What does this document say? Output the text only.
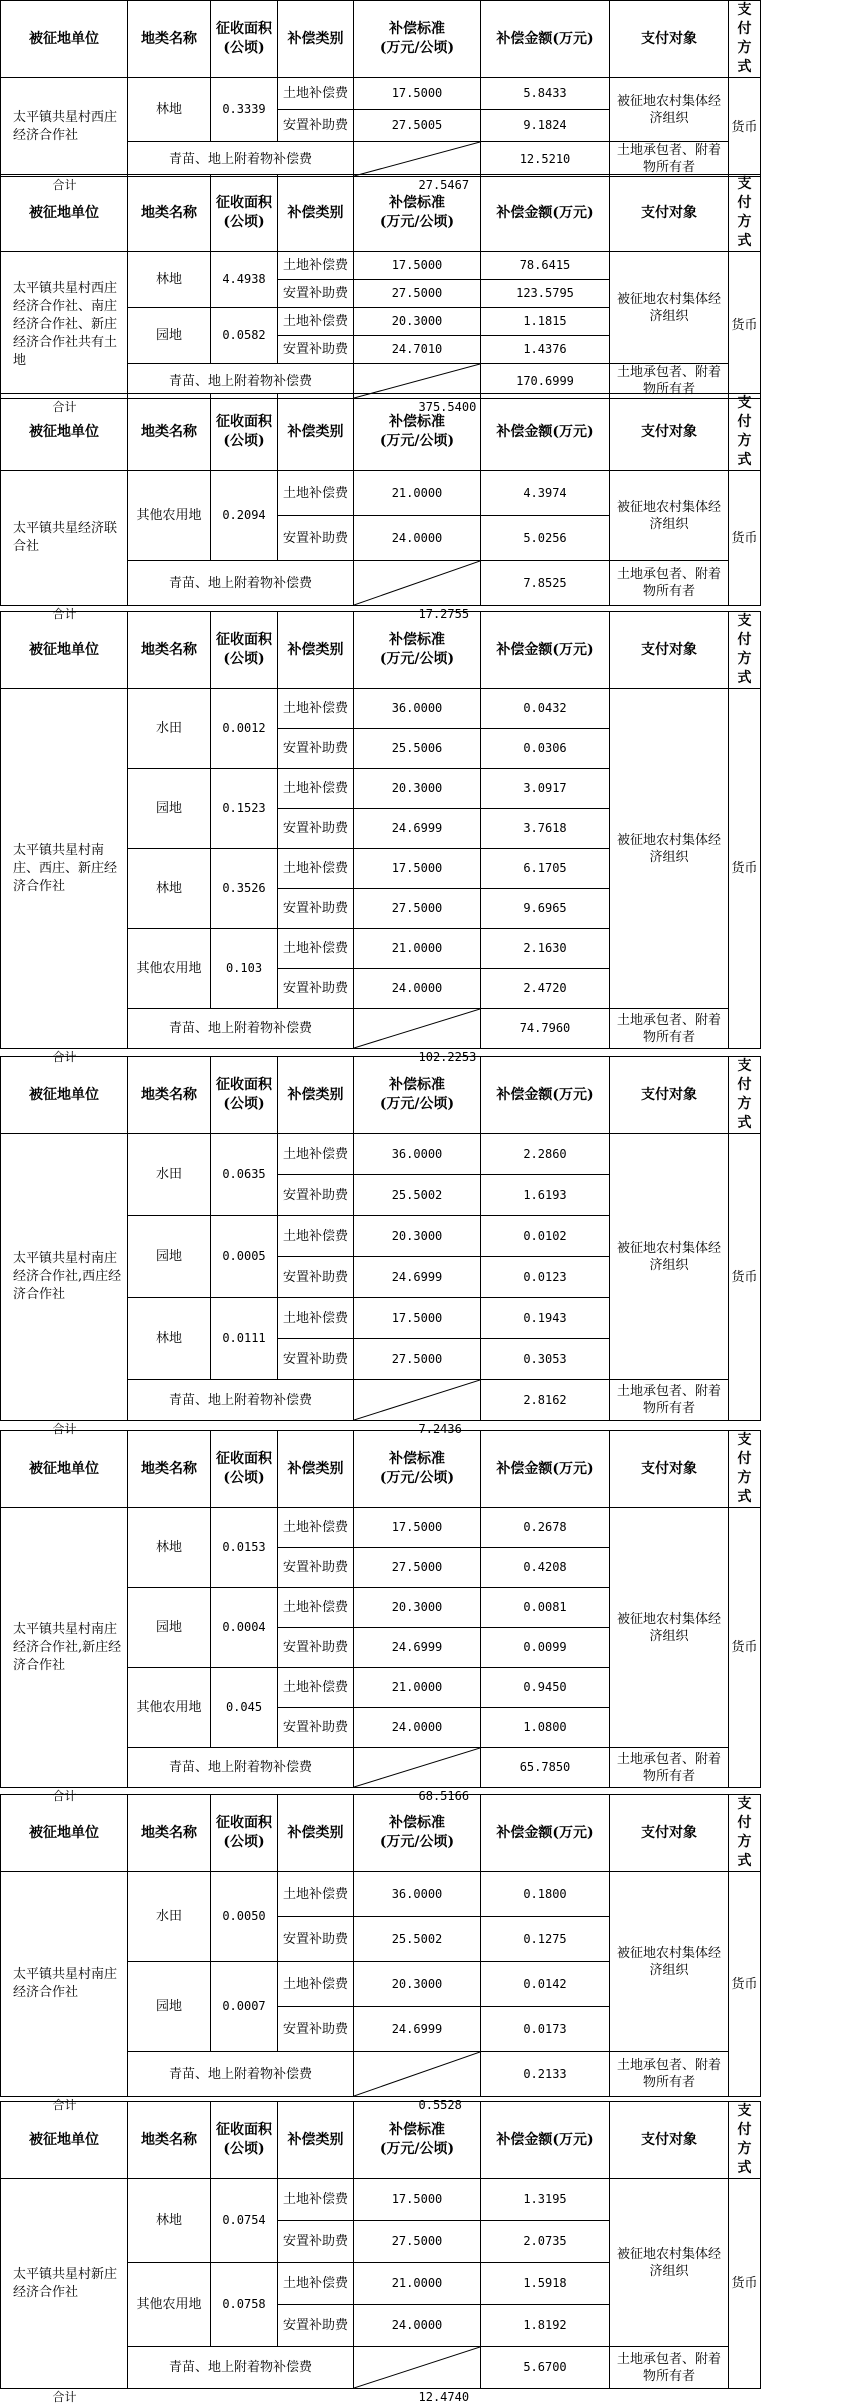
被征地单位	地类名称	征收面积
(公顷)	补偿类别	补偿标准
(万元/公顷)	补偿金额(万元)	支付对象	支付方式
太平镇共星村西庄经济合作社	林地	0.3339	土地补偿费	17.5000	5.8433	被征地农村集体经济组织	货币
			安置补助费	27.5005	9.1824		
	青苗、地上附着物补偿费				12.5210	土地承包者、附着物所有者	

合计 27.5467							
被征地单位	地类名称	征收面积
(公顷)	补偿类别	补偿标准
(万元/公顷)	补偿金额(万元)	支付对象	支付方式
太平镇共星村西庄经济合作社、南庄经济合作社、新庄经济合作社共有土地	林地	4.4938	土地补偿费	17.5000	78.6415	被征地农村集体经济组织	货币
			安置补助费	27.5000	123.5795		
	园地	0.0582	土地补偿费	20.3000	1.1815		
			安置补助费	24.7010	1.4376		
	青苗、地上附着物补偿费				170.6999	土地承包者、附着物所有者	

合计 375.5400							
被征地单位	地类名称	征收面积
(公顷)	补偿类别	补偿标准
(万元/公顷)	补偿金额(万元)	支付对象	支付方式
太平镇共星经济联合社	其他农用地	0.2094	土地补偿费	21.0000	4.3974	被征地农村集体经济组织	货币
			安置补助费	24.0000	5.0256		
	青苗、地上附着物补偿费				7.8525	土地承包者、附着物所有者	

合计 17.2755							
被征地单位	地类名称	征收面积
(公顷)	补偿类别	补偿标准
(万元/公顷)	补偿金额(万元)	支付对象	支付方式
太平镇共星村南庄、西庄、新庄经济合作社	水田	0.0012	土地补偿费	36.0000	0.0432	被征地农村集体经济组织	货币
			安置补助费	25.5006	0.0306		
	园地	0.1523	土地补偿费	20.3000	3.0917		
			安置补助费	24.6999	3.7618		
	林地	0.3526	土地补偿费	17.5000	6.1705		
			安置补助费	27.5000	9.6965		
	其他农用地	0.103	土地补偿费	21.0000	2.1630		
			安置补助费	24.0000	2.4720		
	青苗、地上附着物补偿费				74.7960	土地承包者、附着物所有者	

合计 102.2253							
被征地单位	地类名称	征收面积
(公顷)	补偿类别	补偿标准
(万元/公顷)	补偿金额(万元)	支付对象	支付方式
太平镇共星村南庄经济合作社,西庄经济合作社	水田	0.0635	土地补偿费	36.0000	2.2860	被征地农村集体经济组织	货币
			安置补助费	25.5002	1.6193		
	园地	0.0005	土地补偿费	20.3000	0.0102		
			安置补助费	24.6999	0.0123		
	林地	0.0111	土地补偿费	17.5000	0.1943		
			安置补助费	27.5000	0.3053		
	青苗、地上附着物补偿费				2.8162	土地承包者、附着物所有者	

合计 7.2436							
被征地单位	地类名称	征收面积
(公顷)	补偿类别	补偿标准
(万元/公顷)	补偿金额(万元)	支付对象	支付方式
太平镇共星村南庄经济合作社,新庄经济合作社	林地	0.0153	土地补偿费	17.5000	0.2678	被征地农村集体经济组织	货币
			安置补助费	27.5000	0.4208		
	园地	0.0004	土地补偿费	20.3000	0.0081		
			安置补助费	24.6999	0.0099		
	其他农用地	0.045	土地补偿费	21.0000	0.9450		
			安置补助费	24.0000	1.0800		
	青苗、地上附着物补偿费				65.7850	土地承包者、附着物所有者	

合计 68.5166							
被征地单位	地类名称	征收面积
(公顷)	补偿类别	补偿标准
(万元/公顷)	补偿金额(万元)	支付对象	支付方式
太平镇共星村南庄经济合作社	水田	0.0050	土地补偿费	36.0000	0.1800	被征地农村集体经济组织	货币
			安置补助费	25.5002	0.1275		
	园地	0.0007	土地补偿费	20.3000	0.0142		
			安置补助费	24.6999	0.0173		
	青苗、地上附着物补偿费				0.2133	土地承包者、附着物所有者	

合计 0.5528							
被征地单位	地类名称	征收面积
(公顷)	补偿类别	补偿标准
(万元/公顷)	补偿金额(万元)	支付对象	支付方式
太平镇共星村新庄经济合作社	林地	0.0754	土地补偿费	17.5000	1.3195	被征地农村集体经济组织	货币
			安置补助费	27.5000	2.0735		
	其他农用地	0.0758	土地补偿费	21.0000	1.5918		
			安置补助费	24.0000	1.8192		
	青苗、地上附着物补偿费				5.6700	土地承包者、附着物所有者	

合计 12.4740							
